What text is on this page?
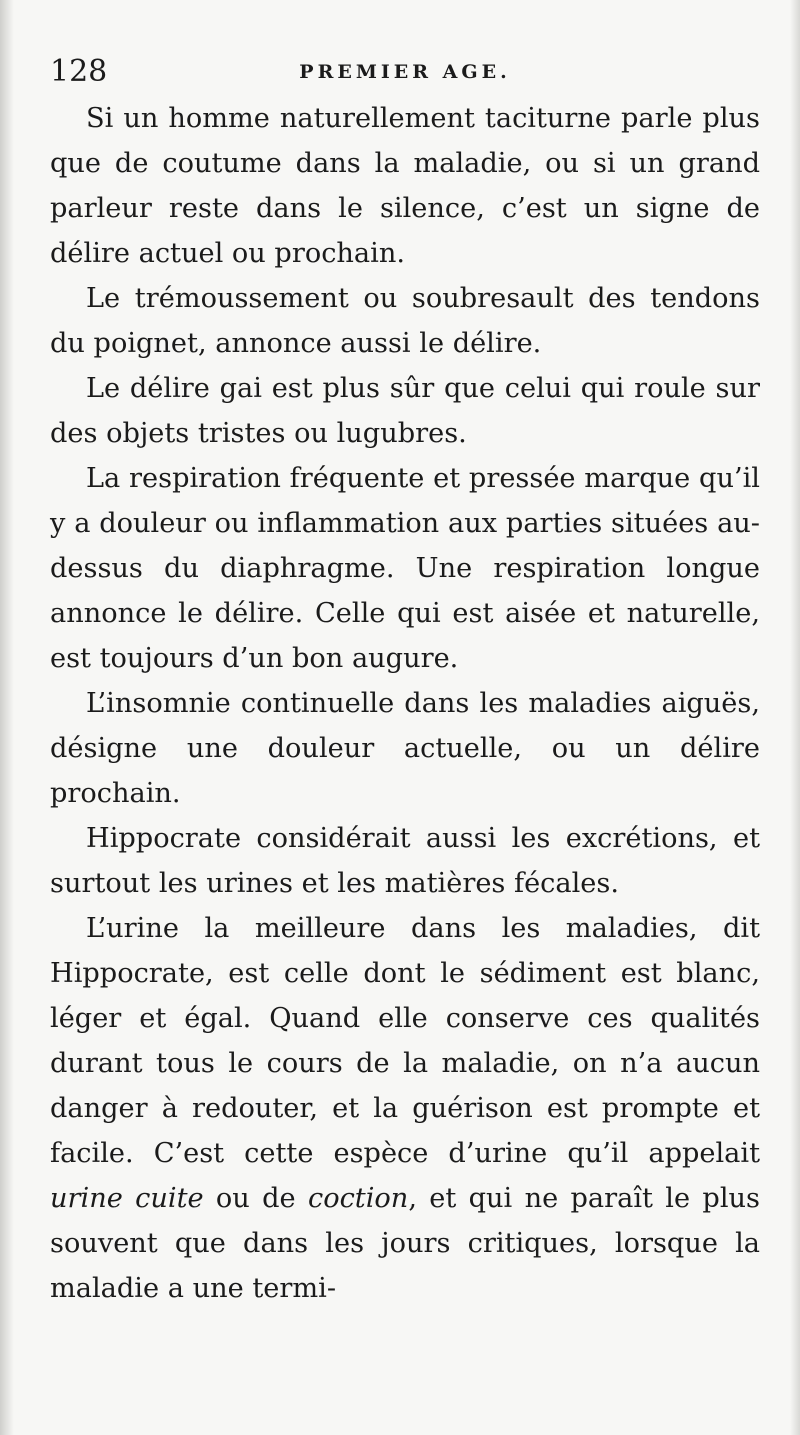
128	PREMIER AGE.

Si un homme naturellement taciturne parle plus que de coutume dans la maladie, ou si un grand parleur reste dans le silence, c’est un signe de délire actuel ou prochain.

Le trémoussement ou soubresault des tendons du poignet, annonce aussi le délire.

Le délire gai est plus sûr que celui qui roule sur des objets tristes ou lugubres.

La respiration fréquente et pressée marque qu’il y a douleur ou inflammation aux parties situées au-dessus du diaphragme. Une respiration longue annonce le délire. Celle qui est aisée et naturelle, est toujours d’un bon augure.

L’insomnie continuelle dans les maladies aiguës, désigne une douleur actuelle, ou un délire prochain.

Hippocrate considérait aussi les excrétions, et surtout les urines et les matières fécales.

L’urine la meilleure dans les maladies, dit Hippocrate, est celle dont le sédiment est blanc, léger et égal. Quand elle conserve ces qualités durant tous le cours de la maladie, on n’a aucun danger à redouter, et la guérison est prompte et facile. C’est cette espèce d’urine qu’il appelait urine cuite ou de coction, et qui ne paraît le plus souvent que dans les jours critiques, lorsque la maladie a une termi-
